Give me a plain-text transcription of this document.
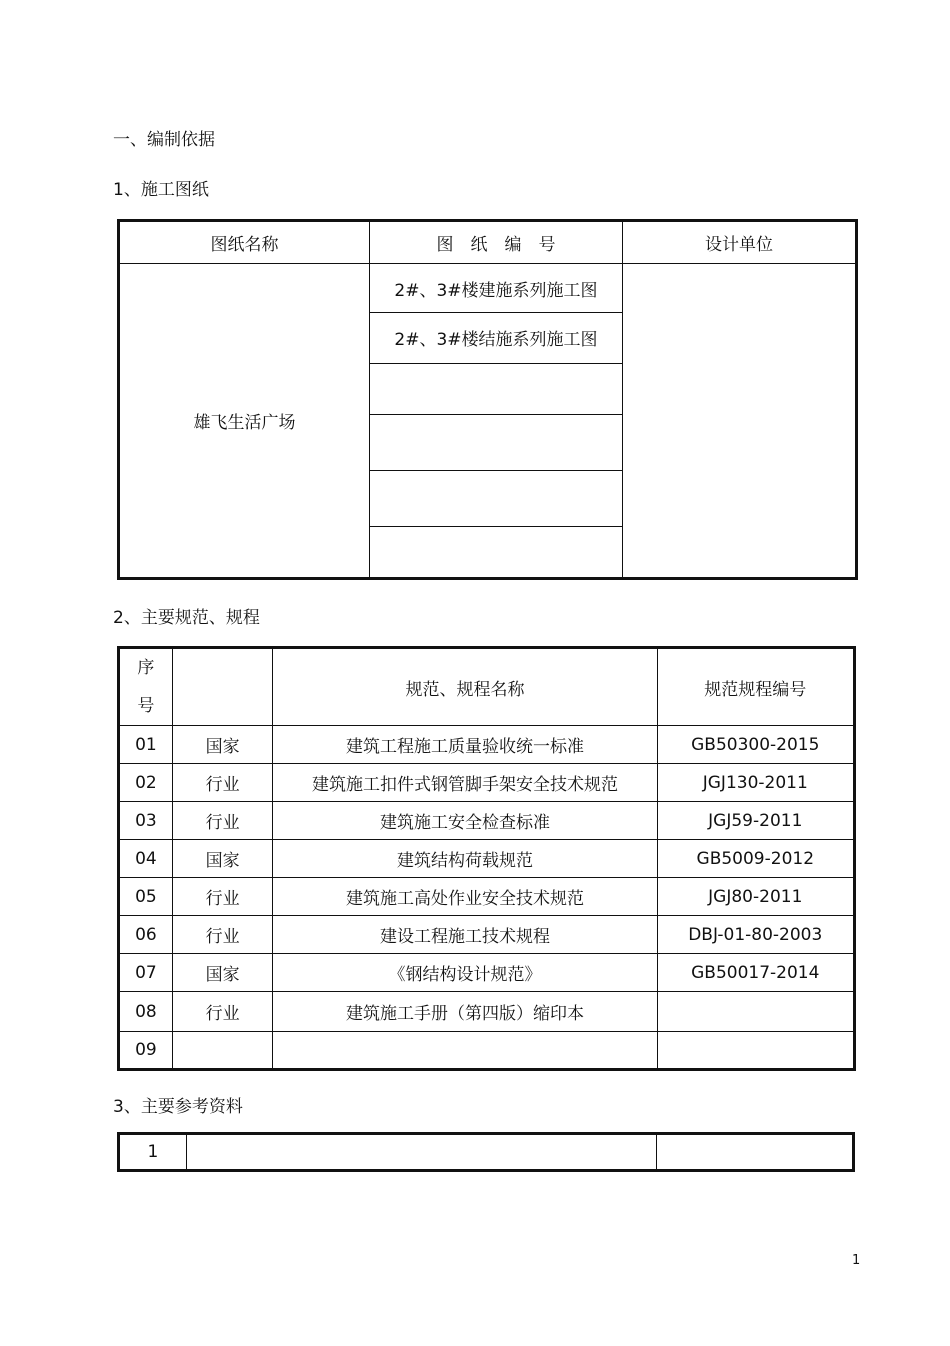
一、编制依据
1、施工图纸
图纸名称	图　纸　编　号	设计单位
雄飞生活广场	2#、3#楼建施系列施工图	
	2#、3#楼结施系列施工图	

2、主要规范、规程
序
号		规范、规程名称	规范规程编号
01	国家	建筑工程施工质量验收统一标准	GB50300-2015
02	行业	建筑施工扣件式钢管脚手架安全技术规范	JGJ130-2011
03	行业	建筑施工安全检查标准	JGJ59-2011
04	国家	建筑结构荷载规范	GB5009-2012
05	行业	建筑施工高处作业安全技术规范	JGJ80-2011
06	行业	建设工程施工技术规程	DBJ-01-80-2003
07	国家	《钢结构设计规范》	GB50017-2014
08	行业	建筑施工手册（第四版）缩印本	
09			
3、主要参考资料
1		
1
